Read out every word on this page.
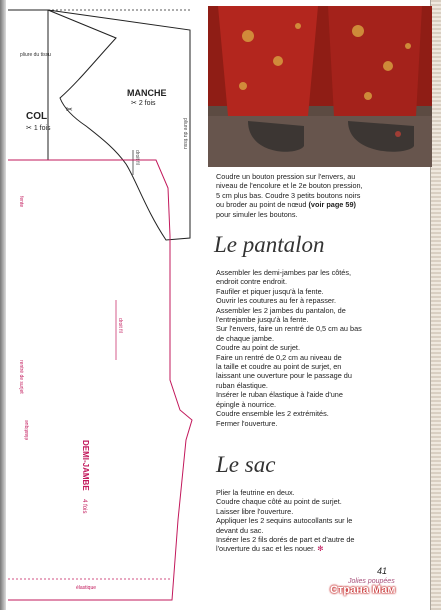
✂
pliure du tissu
pliure du tissu
droit fil
COL
✂ 1 fois
MANCHE
✂ 2 fois
fente
rentré de surjet
droit fil
élastique
DEMI-JAMBE 4 fois
élastique
Coudre un bouton pression sur l'envers, au
niveau de l'encolure et le 2e bouton pression,
5 cm plus bas. Coudre 3 petits boutons noirs
ou broder au point de nœud (voir page 59)
pour simuler les boutons.
Le pantalon
Assembler les demi-jambes par les côtés,
endroit contre endroit.
Faufiler et piquer jusqu'à la fente.
Ouvrir les coutures au fer à repasser.
Assembler les 2 jambes du pantalon, de
l'entrejambe jusqu'à la fente.
Sur l'envers, faire un rentré de 0,5 cm au bas
de chaque jambe.
Coudre au point de surjet.
Faire un rentré de 0,2 cm au niveau de
la taille et coudre au point de surjet, en
laissant une ouverture pour le passage du
ruban élastique.
Insérer le ruban élastique à l'aide d'une
épingle à nourrice.
Coudre ensemble les 2 extrémités.
Fermer l'ouverture.
Le sac
Plier la feutrine en deux.
Coudre chaque côté au point de surjet.
Laisser libre l'ouverture.
Appliquer les 2 sequins autocollants sur le
devant du sac.
Insérer les 2 fils dorés de part et d'autre de
l'ouverture du sac et les nouer. ✻
41
Jolies poupées
Страна Мам
